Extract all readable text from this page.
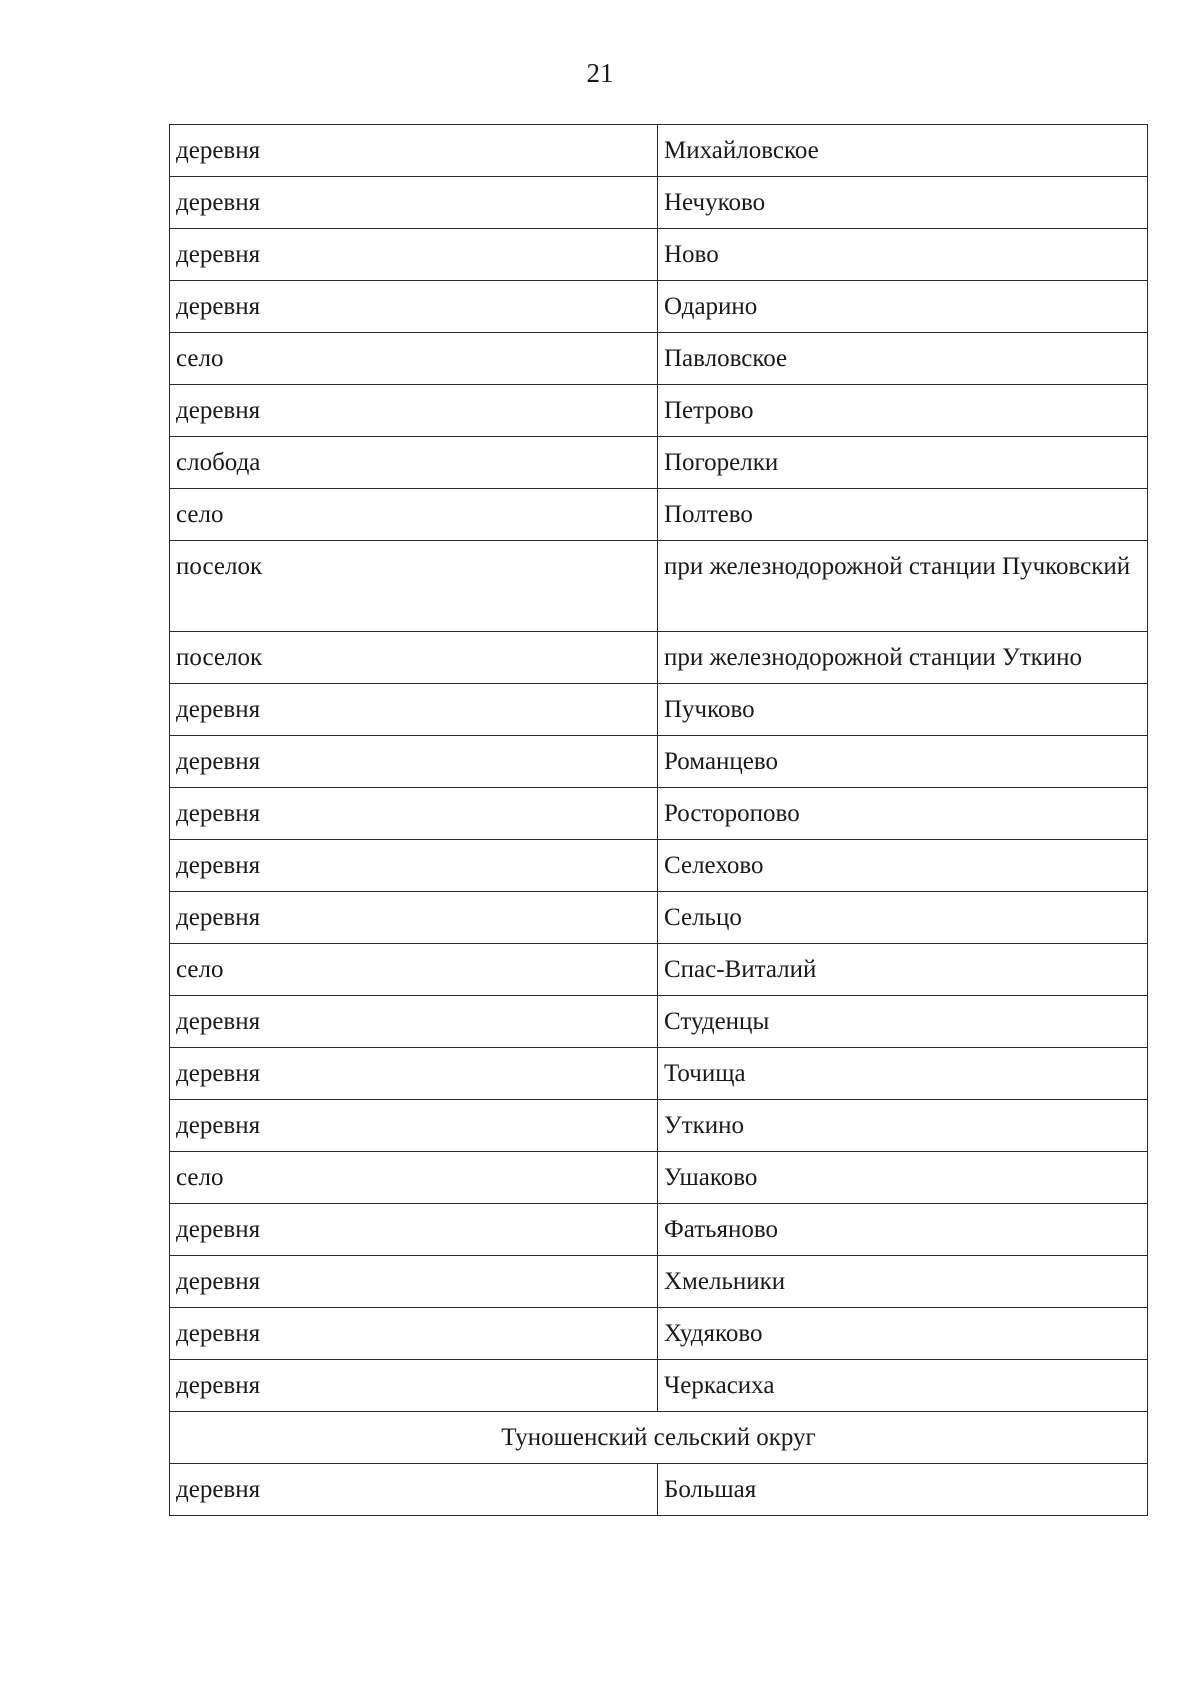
21
деревня	Михайловское
деревня	Нечуково
деревня	Ново
деревня	Одарино
село	Павловское
деревня	Петрово
слобода	Погорелки
село	Полтево
поселок	при железнодорожной станции Пучковский
поселок	при железнодорожной станции Уткино
деревня	Пучково
деревня	Романцево
деревня	Ростороповo
деревня	Селехово
деревня	Сельцо
село	Спас-Виталий
деревня	Студенцы
деревня	Точища
деревня	Уткино
село	Ушаково
деревня	Фатьяново
деревня	Хмельники
деревня	Худяково
деревня	Черкасиха
Туношенский сельский округ	
деревня	Большая
